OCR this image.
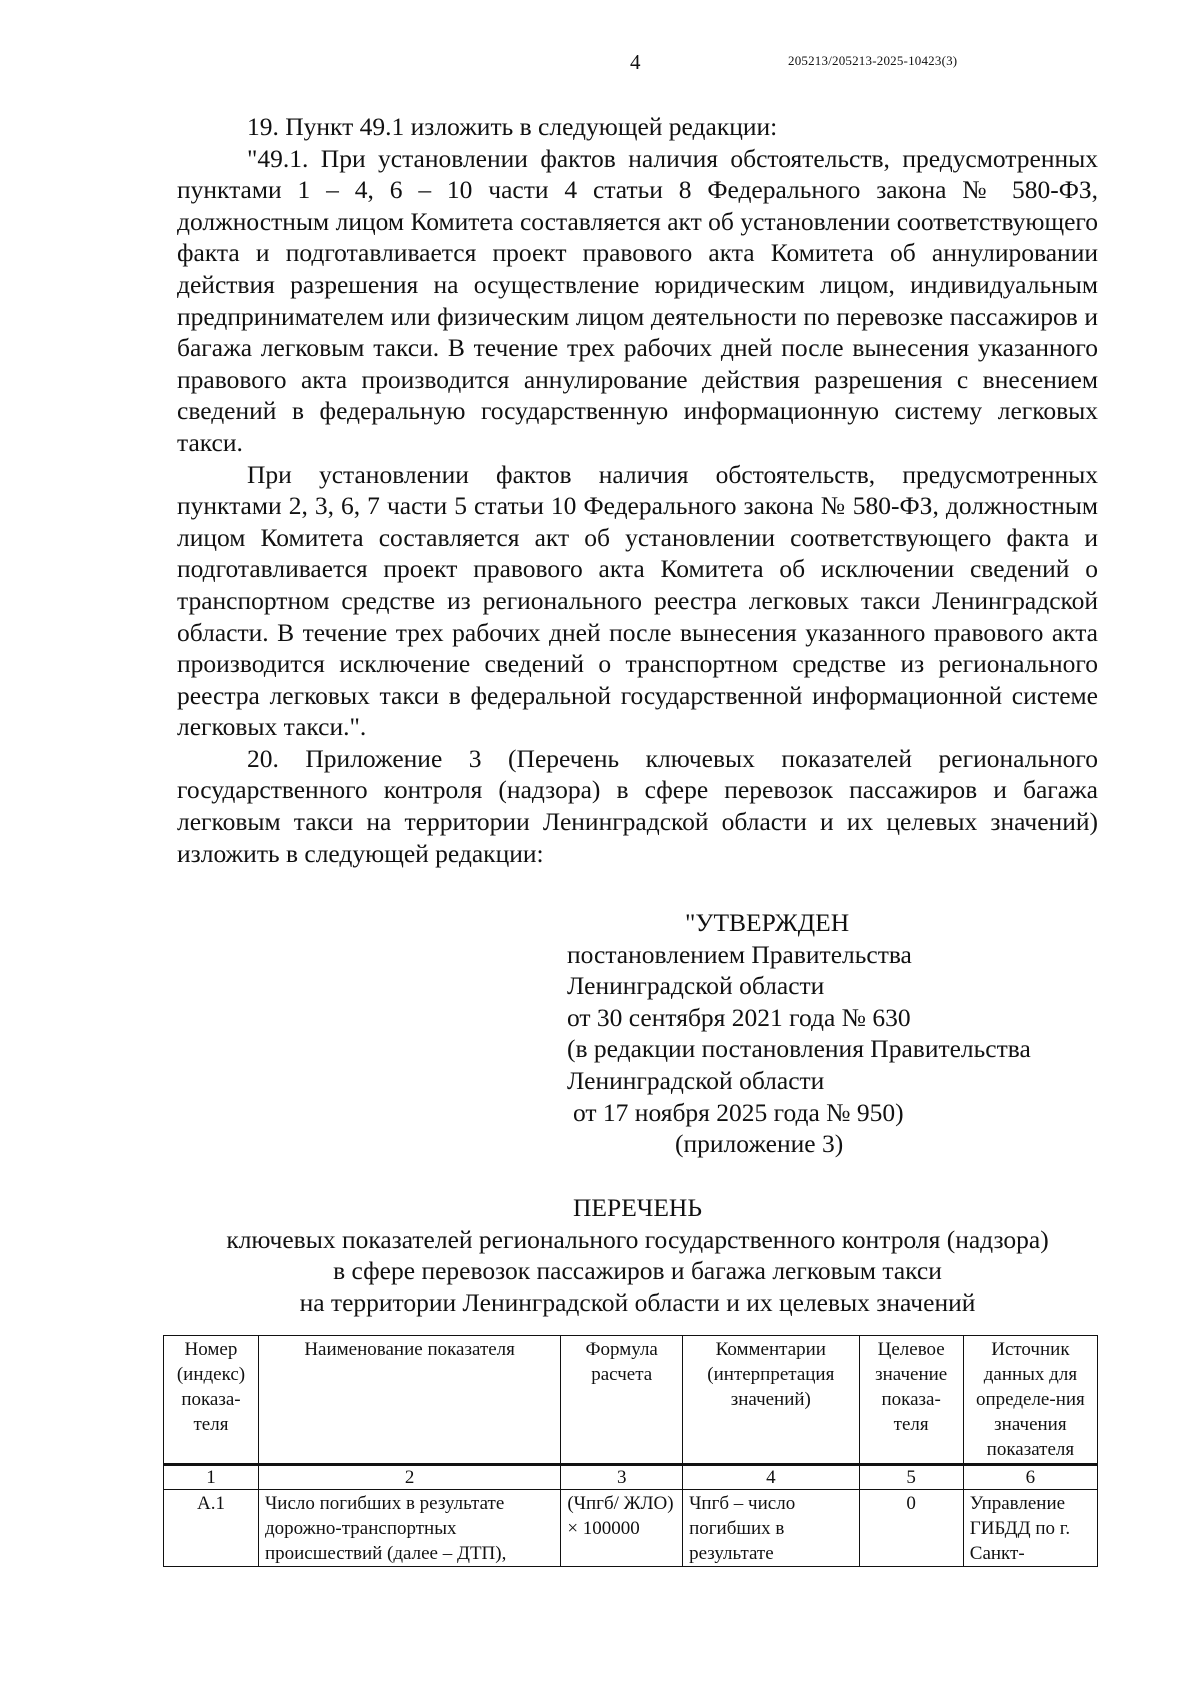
4	205213/205213-2025-10423(3)

19. Пункт 49.1 изложить в следующей редакции:

"49.1. При установлении фактов наличия обстоятельств, предусмотренных пунктами 1 – 4, 6 – 10 части 4 статьи 8 Федерального закона № 580-ФЗ, должностным лицом Комитета составляется акт об установлении соответствующего факта и подготавливается проект правового акта Комитета об аннулировании действия разрешения на осуществление юридическим лицом, индивидуальным предпринимателем или физическим лицом деятельности по перевозке пассажиров и багажа легковым такси. В течение трех рабочих дней после вынесения указанного правового акта производится аннулирование действия разрешения с внесением сведений в федеральную государственную информационную систему легковых такси.

При установлении фактов наличия обстоятельств, предусмотренных пунктами 2, 3, 6, 7 части 5 статьи 10 Федерального закона № 580-ФЗ, должностным лицом Комитета составляется акт об установлении соответствующего факта и подготавливается проект правового акта Комитета об исключении сведений о транспортном средстве из регионального реестра легковых такси Ленинградской области. В течение трех рабочих дней после вынесения указанного правового акта производится исключение сведений о транспортном средстве из регионального реестра легковых такси в федеральной государственной информационной системе легковых такси.".

20. Приложение 3 (Перечень ключевых показателей регионального государственного контроля (надзора) в сфере перевозок пассажиров и багажа легковым такси на территории Ленинградской области и их целевых значений) изложить в следующей редакции:

"УТВЕРЖДЕН
постановлением Правительства
Ленинградской области
от 30 сентября 2021 года № 630
(в редакции постановления Правительства
Ленинградской области
от 17 ноября 2025 года № 950)
(приложение 3)
ПЕРЕЧЕНЬ
ключевых показателей регионального государственного контроля (надзора)
в сфере перевозок пассажиров и багажа легковым такси
на территории Ленинградской области и их целевых значений
Номер (индекс) показа-теля	Наименование показателя	Формула расчета	Комментарии (интерпретация значений)	Целевое значение показа-теля	Источник данных для определе-ния значения показателя
1	2	3	4	5	6
А.1	Число погибших в результате дорожно-транспортных происшествий (далее – ДТП),	(Чпгб/ ЖЛО) × 100000	Чпгб – число погибших в результате	0	Управление ГИБДД по г. Санкт-
